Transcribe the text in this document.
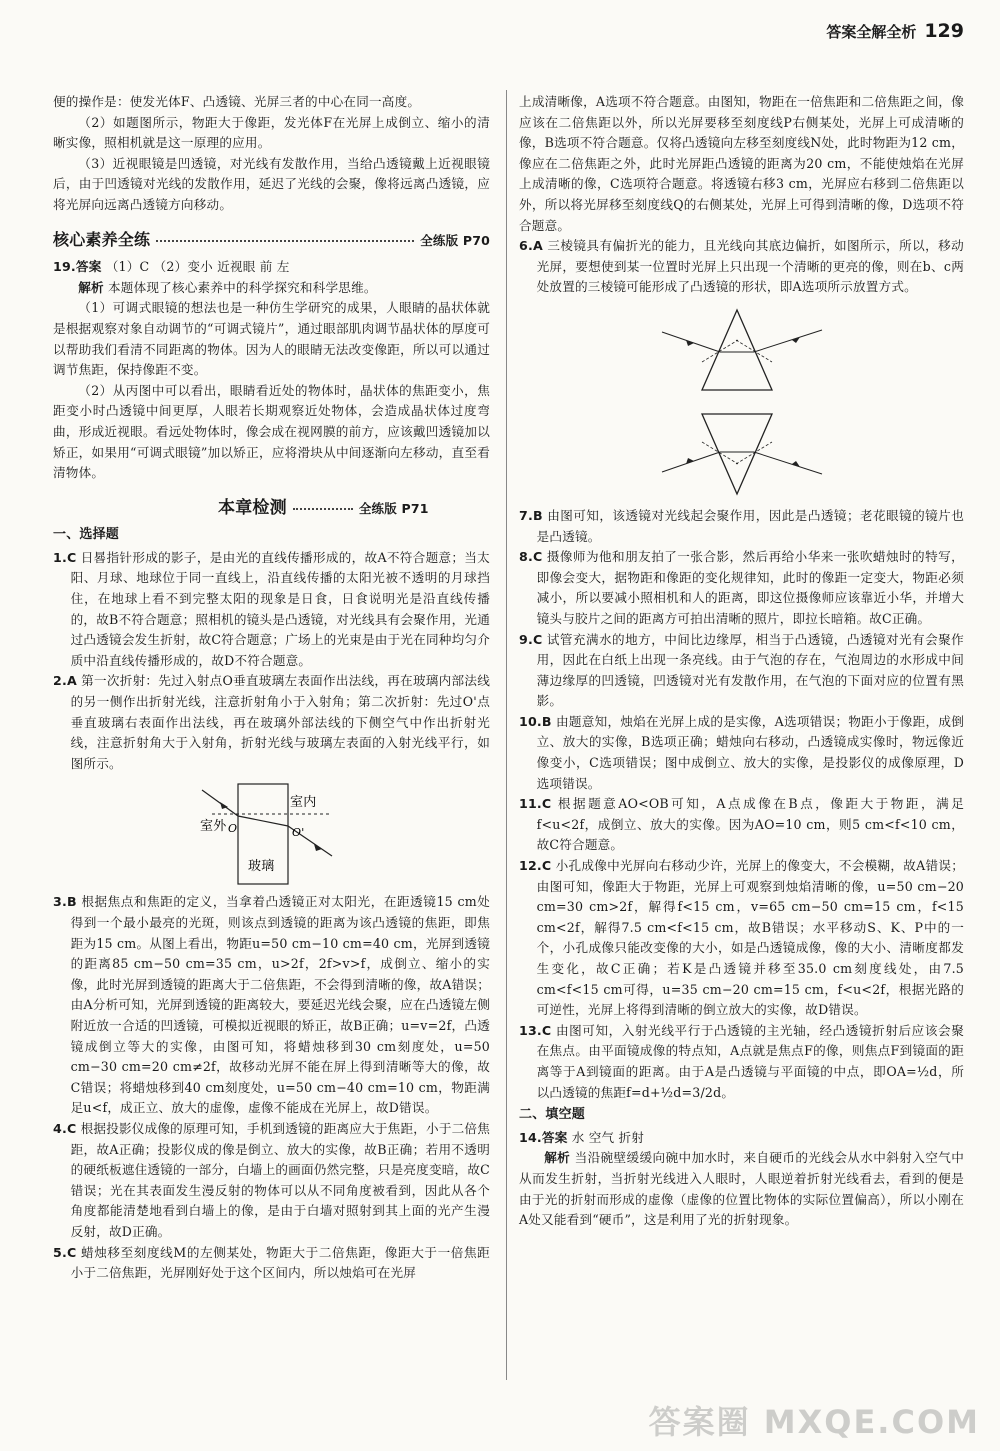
答案全解全析 129

便的操作是：使发光体F、凸透镜、光屏三者的中心在同一高度。

（2）如题图所示，物距大于像距，发光体F在光屏上成倒立、缩小的清晰实像，照相机就是这一原理的应用。

（3）近视眼镜是凹透镜，对光线有发散作用，当给凸透镜戴上近视眼镜后，由于凹透镜对光线的发散作用，延迟了光线的会聚，像将远离凸透镜，应将光屏向远离凸透镜方向移动。

核心素养全练	全练版 P70

19.答案 （1）C （2）变小 近视眼 前 左

解析 本题体现了核心素养中的科学探究和科学思维。

（1）可调式眼镜的想法也是一种仿生学研究的成果，人眼睛的晶状体就是根据观察对象自动调节的“可调式镜片”，通过眼部肌肉调节晶状体的厚度可以帮助我们看清不同距离的物体。因为人的眼睛无法改变像距，所以可以通过调节焦距，保持像距不变。

（2）从丙图中可以看出，眼睛看近处的物体时，晶状体的焦距变小，焦距变小时凸透镜中间更厚，人眼若长期观察近处物体，会造成晶状体过度弯曲，形成近视眼。看远处物体时，像会成在视网膜的前方，应该戴凹透镜加以矫正，如果用“可调式眼镜”加以矫正，应将滑块从中间逐渐向左移动，直至看清物体。

本章检测	全练版 P71

一、选择题

1.C 日晷指针形成的影子，是由光的直线传播形成的，故A不符合题意；当太阳、月球、地球位于同一直线上，沿直线传播的太阳光被不透明的月球挡住，在地球上看不到完整太阳的现象是日食，日食说明光是沿直线传播的，故B不符合题意；照相机的镜头是凸透镜，对光线具有会聚作用，光通过凸透镜会发生折射，故C符合题意；广场上的光束是由于光在同种均匀介质中沿直线传播形成的，故D不符合题意。

2.A 第一次折射：先过入射点O垂直玻璃左表面作出法线，再在玻璃内部法线的另一侧作出折射光线，注意折射角小于入射角；第二次折射：先过O'点垂直玻璃右表面作出法线，再在玻璃外部法线的下侧空气中作出折射光线，注意折射角大于入射角，折射光线与玻璃左表面的入射光线平行，如图所示。

室外 O	O'
室内
玻璃

3.B 根据焦点和焦距的定义，当拿着凸透镜正对太阳光，在距透镜15 cm处得到一个最小最亮的光斑，则该点到透镜的距离为该凸透镜的焦距，即焦距为15 cm。从图上看出，物距u=50 cm−10 cm=40 cm，光屏到透镜的距离85 cm−50 cm=35 cm，u>2f，2f>v>f，成倒立、缩小的实像，此时光屏到透镜的距离大于二倍焦距，不会得到清晰的像，故A错误；由A分析可知，光屏到透镜的距离较大，要延迟光线会聚，应在凸透镜左侧附近放一合适的凹透镜，可模拟近视眼的矫正，故B正确；u=v=2f，凸透镜成倒立等大的实像，由图可知，将蜡烛移到30 cm刻度处，u=50 cm−30 cm=20 cm≠2f，故移动光屏不能在屏上得到清晰等大的像，故C错误；将蜡烛移到40 cm刻度处，u=50 cm−40 cm=10 cm，物距满足u<f，成正立、放大的虚像，虚像不能成在光屏上，故D错误。

4.C 根据投影仪成像的原理可知，手机到透镜的距离应大于焦距，小于二倍焦距，故A正确；投影仪成的像是倒立、放大的实像，故B正确；若用不透明的硬纸板遮住透镜的一部分，白墙上的画面仍然完整，只是亮度变暗，故C错误；光在其表面发生漫反射的物体可以从不同角度被看到，因此从各个角度都能清楚地看到白墙上的像，是由于白墙对照射到其上面的光产生漫反射，故D正确。

5.C 蜡烛移至刻度线M的左侧某处，物距大于二倍焦距，像距大于一倍焦距小于二倍焦距，光屏刚好处于这个区间内，所以烛焰可在光屏

上成清晰像，A选项不符合题意。由图知，物距在一倍焦距和二倍焦距之间，像应该在二倍焦距以外，所以光屏要移至刻度线P右侧某处，光屏上可成清晰的像，B选项不符合题意。仅将凸透镜向左移至刻度线N处，此时物距为12 cm，像应在二倍焦距之外，此时光屏距凸透镜的距离为20 cm，不能使烛焰在光屏上成清晰的像，C选项符合题意。将透镜右移3 cm，光屏应右移到二倍焦距以外，所以将光屏移至刻度线Q的右侧某处，光屏上可得到清晰的像，D选项不符合题意。

6.A 三棱镜具有偏折光的能力，且光线向其底边偏折，如图所示，所以，移动光屏，要想使到某一位置时光屏上只出现一个清晰的更亮的像，则在b、c两处放置的三棱镜可能形成了凸透镜的形状，即A选项所示放置方式。

7.B 由图可知，该透镜对光线起会聚作用，因此是凸透镜；老花眼镜的镜片也是凸透镜。

8.C 摄像师为他和朋友拍了一张合影，然后再给小华来一张吹蜡烛时的特写，即像会变大，据物距和像距的变化规律知，此时的像距一定变大，物距必须减小，所以要减小照相机和人的距离，即这位摄像师应该靠近小华，并增大镜头与胶片之间的距离方可拍出清晰的照片，即拉长暗箱。故C正确。

9.C 试管充满水的地方，中间比边缘厚，相当于凸透镜，凸透镜对光有会聚作用，因此在白纸上出现一条亮线。由于气泡的存在，气泡周边的水形成中间薄边缘厚的凹透镜，凹透镜对光有发散作用，在气泡的下面对应的位置有黑影。

10.B 由题意知，烛焰在光屏上成的是实像，A选项错误；物距小于像距，成倒立、放大的实像，B选项正确；蜡烛向右移动，凸透镜成实像时，物远像近像变小，C选项错误；图中成倒立、放大的实像，是投影仪的成像原理，D选项错误。

11.C 根据题意AO<OB可知，A点成像在B点，像距大于物距，满足f<u<2f，成倒立、放大的实像。因为AO=10 cm，则5 cm<f<10 cm，故C符合题意。

12.C 小孔成像中光屏向右移动少许，光屏上的像变大，不会模糊，故A错误；由图可知，像距大于物距，光屏上可观察到烛焰清晰的像，u=50 cm−20 cm=30 cm>2f，解得f<15 cm，v=65 cm−50 cm=15 cm，f<15 cm<2f，解得7.5 cm<f<15 cm，故B错误；水平移动S、K、P中的一个，小孔成像只能改变像的大小，如是凸透镜成像，像的大小、清晰度都发生变化，故C正确；若K是凸透镜并移至35.0 cm刻度线处，由7.5 cm<f<15 cm可得，u=35 cm−20 cm=15 cm，f<u<2f，根据光路的可逆性，光屏上将得到清晰的倒立放大的实像，故D错误。

13.C 由图可知，入射光线平行于凸透镜的主光轴，经凸透镜折射后应该会聚在焦点。由平面镜成像的特点知，A点就是焦点F的像，则焦点F到镜面的距离等于A到镜面的距离。由于A是凸透镜与平面镜的中点，即OA=½d，所以凸透镜的焦距f=d+½d=3/2d。

二、填空题

14.答案 水 空气 折射

解析 当沿碗壁缓缓向碗中加水时，来自硬币的光线会从水中斜射入空气中从而发生折射，当折射光线进入人眼时，人眼逆着折射光线看去，看到的便是由于光的折射而形成的虚像（虚像的位置比物体的实际位置偏高），所以小刚在A处又能看到“硬币”，这是利用了光的折射现象。

答案圈 MXQE.COM
